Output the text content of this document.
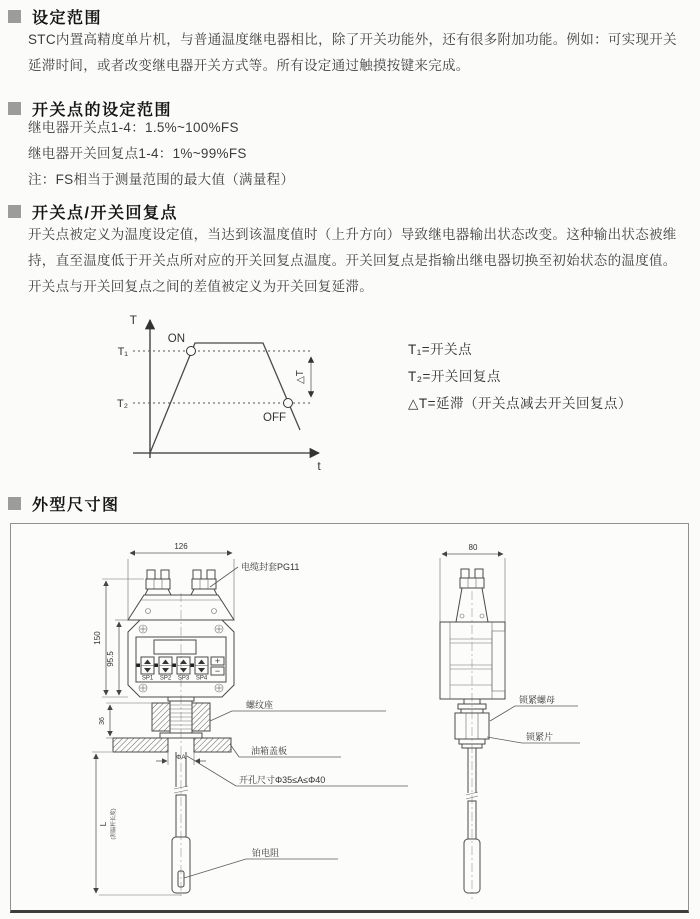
设定范围
STC内置高精度单片机，与普通温度继电器相比，除了开关功能外，还有很多附加功能。例如：可实现开关延滞时间，或者改变继电器开关方式等。所有设定通过触摸按键来完成。
开关点的设定范围
继电器开关点1-4：1.5%~100%FS
继电器开关回复点1-4：1%~99%FS
注：FS相当于测量范围的最大值（满量程）
开关点/开关回复点
开关点被定义为温度设定值，当达到该温度值时（上升方向）导致继电器输出状态改变。这种输出状态被维持，直至温度低于开关点所对应的开关回复点温度。开关回复点是指输出继电器切换至初始状态的温度值。开关点与开关回复点之间的差值被定义为开关回复延滞。
T
t
T₁
T₂
ON
OFF
△T
T₁=开关点
T₂=开关回复点
△T=延滞（开关点减去开关回复点）
外型尺寸图
SP1 SP2 SP3 SP4
+
−
126
150
95.5
36
L (测温杆长度)
ΦA
电缆封套PG11
螺纹座
油箱盖板
开孔尺寸Φ35≤A≤Φ40
铂电阻
80
锁紧螺母
锁紧片
